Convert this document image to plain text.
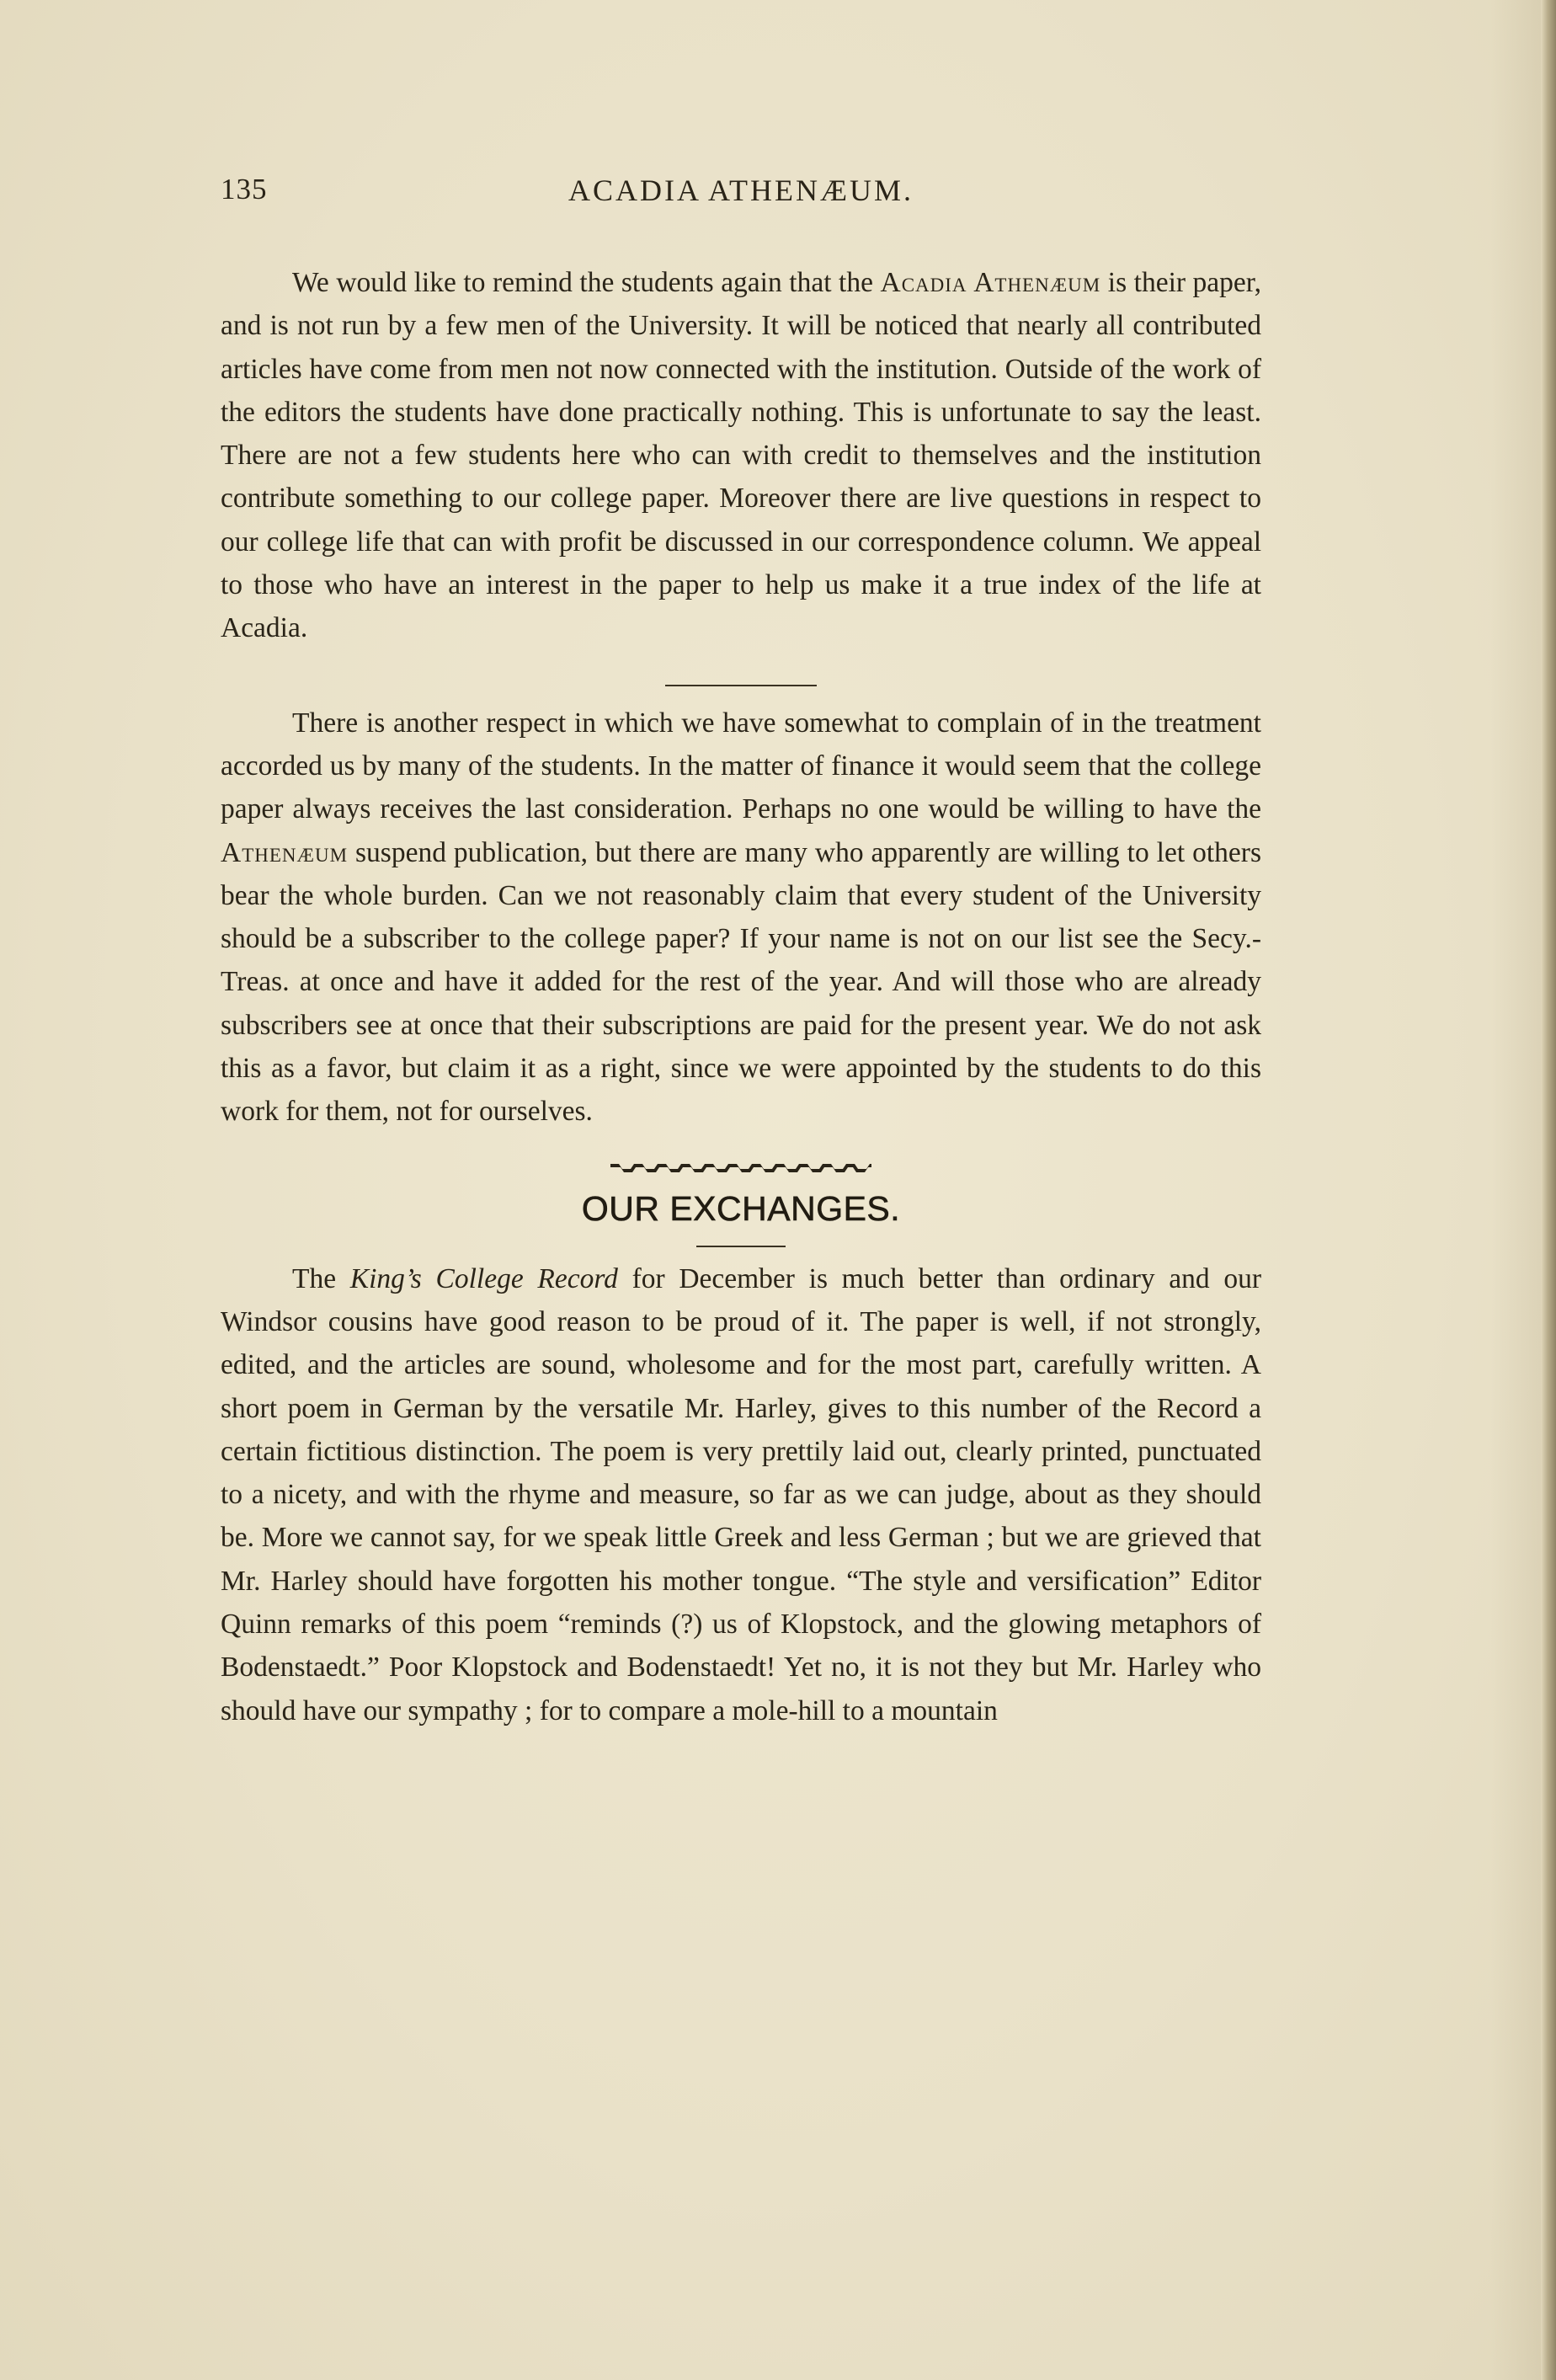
135	ACADIA ATHENÆUM.

We would like to remind the students again that the Acadia Athenæum is their paper, and is not run by a few men of the University. It will be noticed that nearly all contributed articles have come from men not now connected with the institution. Outside of the work of the editors the students have done practically nothing. This is unfortunate to say the least. There are not a few students here who can with credit to themselves and the institution contribute something to our college paper. Moreover there are live questions in respect to our college life that can with profit be discussed in our correspondence column. We appeal to those who have an interest in the paper to help us make it a true index of the life at Acadia.

There is another respect in which we have somewhat to complain of in the treatment accorded us by many of the students. In the matter of finance it would seem that the college paper always receives the last consideration. Perhaps no one would be willing to have the Athenæum suspend publication, but there are many who apparently are willing to let others bear the whole burden. Can we not reasonably claim that every student of the University should be a subscriber to the college paper? If your name is not on our list see the Secy.-Treas. at once and have it added for the rest of the year. And will those who are already subscribers see at once that their subscriptions are paid for the present year. We do not ask this as a favor, but claim it as a right, since we were appointed by the students to do this work for them, not for ourselves.

OUR EXCHANGES.

The King’s College Record for December is much better than ordinary and our Windsor cousins have good reason to be proud of it. The paper is well, if not strongly, edited, and the articles are sound, wholesome and for the most part, carefully written. A short poem in German by the versatile Mr. Harley, gives to this number of the Record a certain fictitious distinction. The poem is very prettily laid out, clearly printed, punctuated to a nicety, and with the rhyme and measure, so far as we can judge, about as they should be. More we cannot say, for we speak little Greek and less German ; but we are grieved that Mr. Harley should have forgotten his mother tongue. “The style and versification” Editor Quinn remarks of this poem “reminds (?) us of Klopstock, and the glowing metaphors of Bodenstaedt.” Poor Klopstock and Bodenstaedt! Yet no, it is not they but Mr. Harley who should have our sympathy ; for to compare a mole-hill to a mountain
